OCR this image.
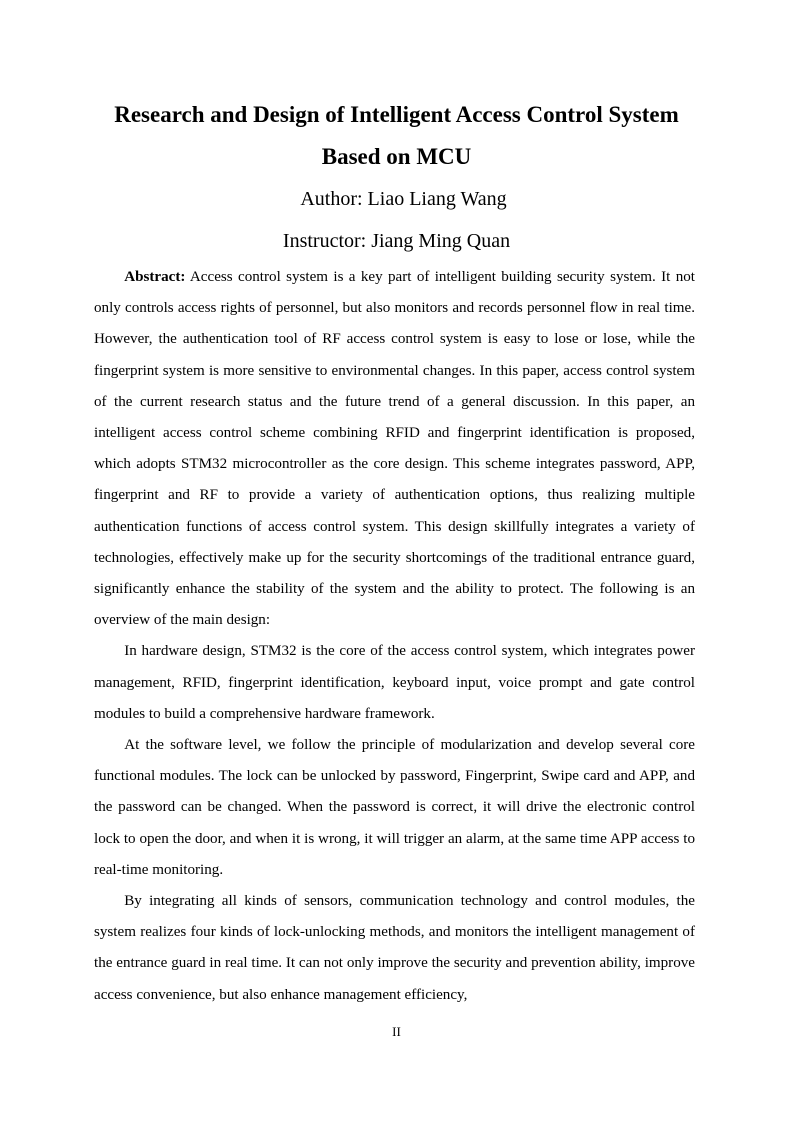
Research and Design of Intelligent Access Control System
Based on MCU

Author: Liao Liang Wang

Instructor: Jiang Ming Quan

Abstract: Access control system is a key part of intelligent building security system. It not only controls access rights of personnel, but also monitors and records personnel flow in real time. However, the authentication tool of RF access control system is easy to lose or lose, while the fingerprint system is more sensitive to environmental changes. In this paper, access control system of the current research status and the future trend of a general discussion. In this paper, an intelligent access control scheme combining RFID and fingerprint identification is proposed, which adopts STM32 microcontroller as the core design. This scheme integrates password, APP, fingerprint and RF to provide a variety of authentication options, thus realizing multiple authentication functions of access control system. This design skillfully integrates a variety of technologies, effectively make up for the security shortcomings of the traditional entrance guard, significantly enhance the stability of the system and the ability to protect. The following is an overview of the main design:

In hardware design, STM32 is the core of the access control system, which integrates power management, RFID, fingerprint identification, keyboard input, voice prompt and gate control modules to build a comprehensive hardware framework.

At the software level, we follow the principle of modularization and develop several core functional modules. The lock can be unlocked by password, Fingerprint, Swipe card and APP, and the password can be changed. When the password is correct, it will drive the electronic control lock to open the door, and when it is wrong, it will trigger an alarm, at the same time APP access to real-time monitoring.

By integrating all kinds of sensors, communication technology and control modules, the system realizes four kinds of lock-unlocking methods, and monitors the intelligent management of the entrance guard in real time. It can not only improve the security and prevention ability, improve access convenience, but also enhance management efficiency,

II
